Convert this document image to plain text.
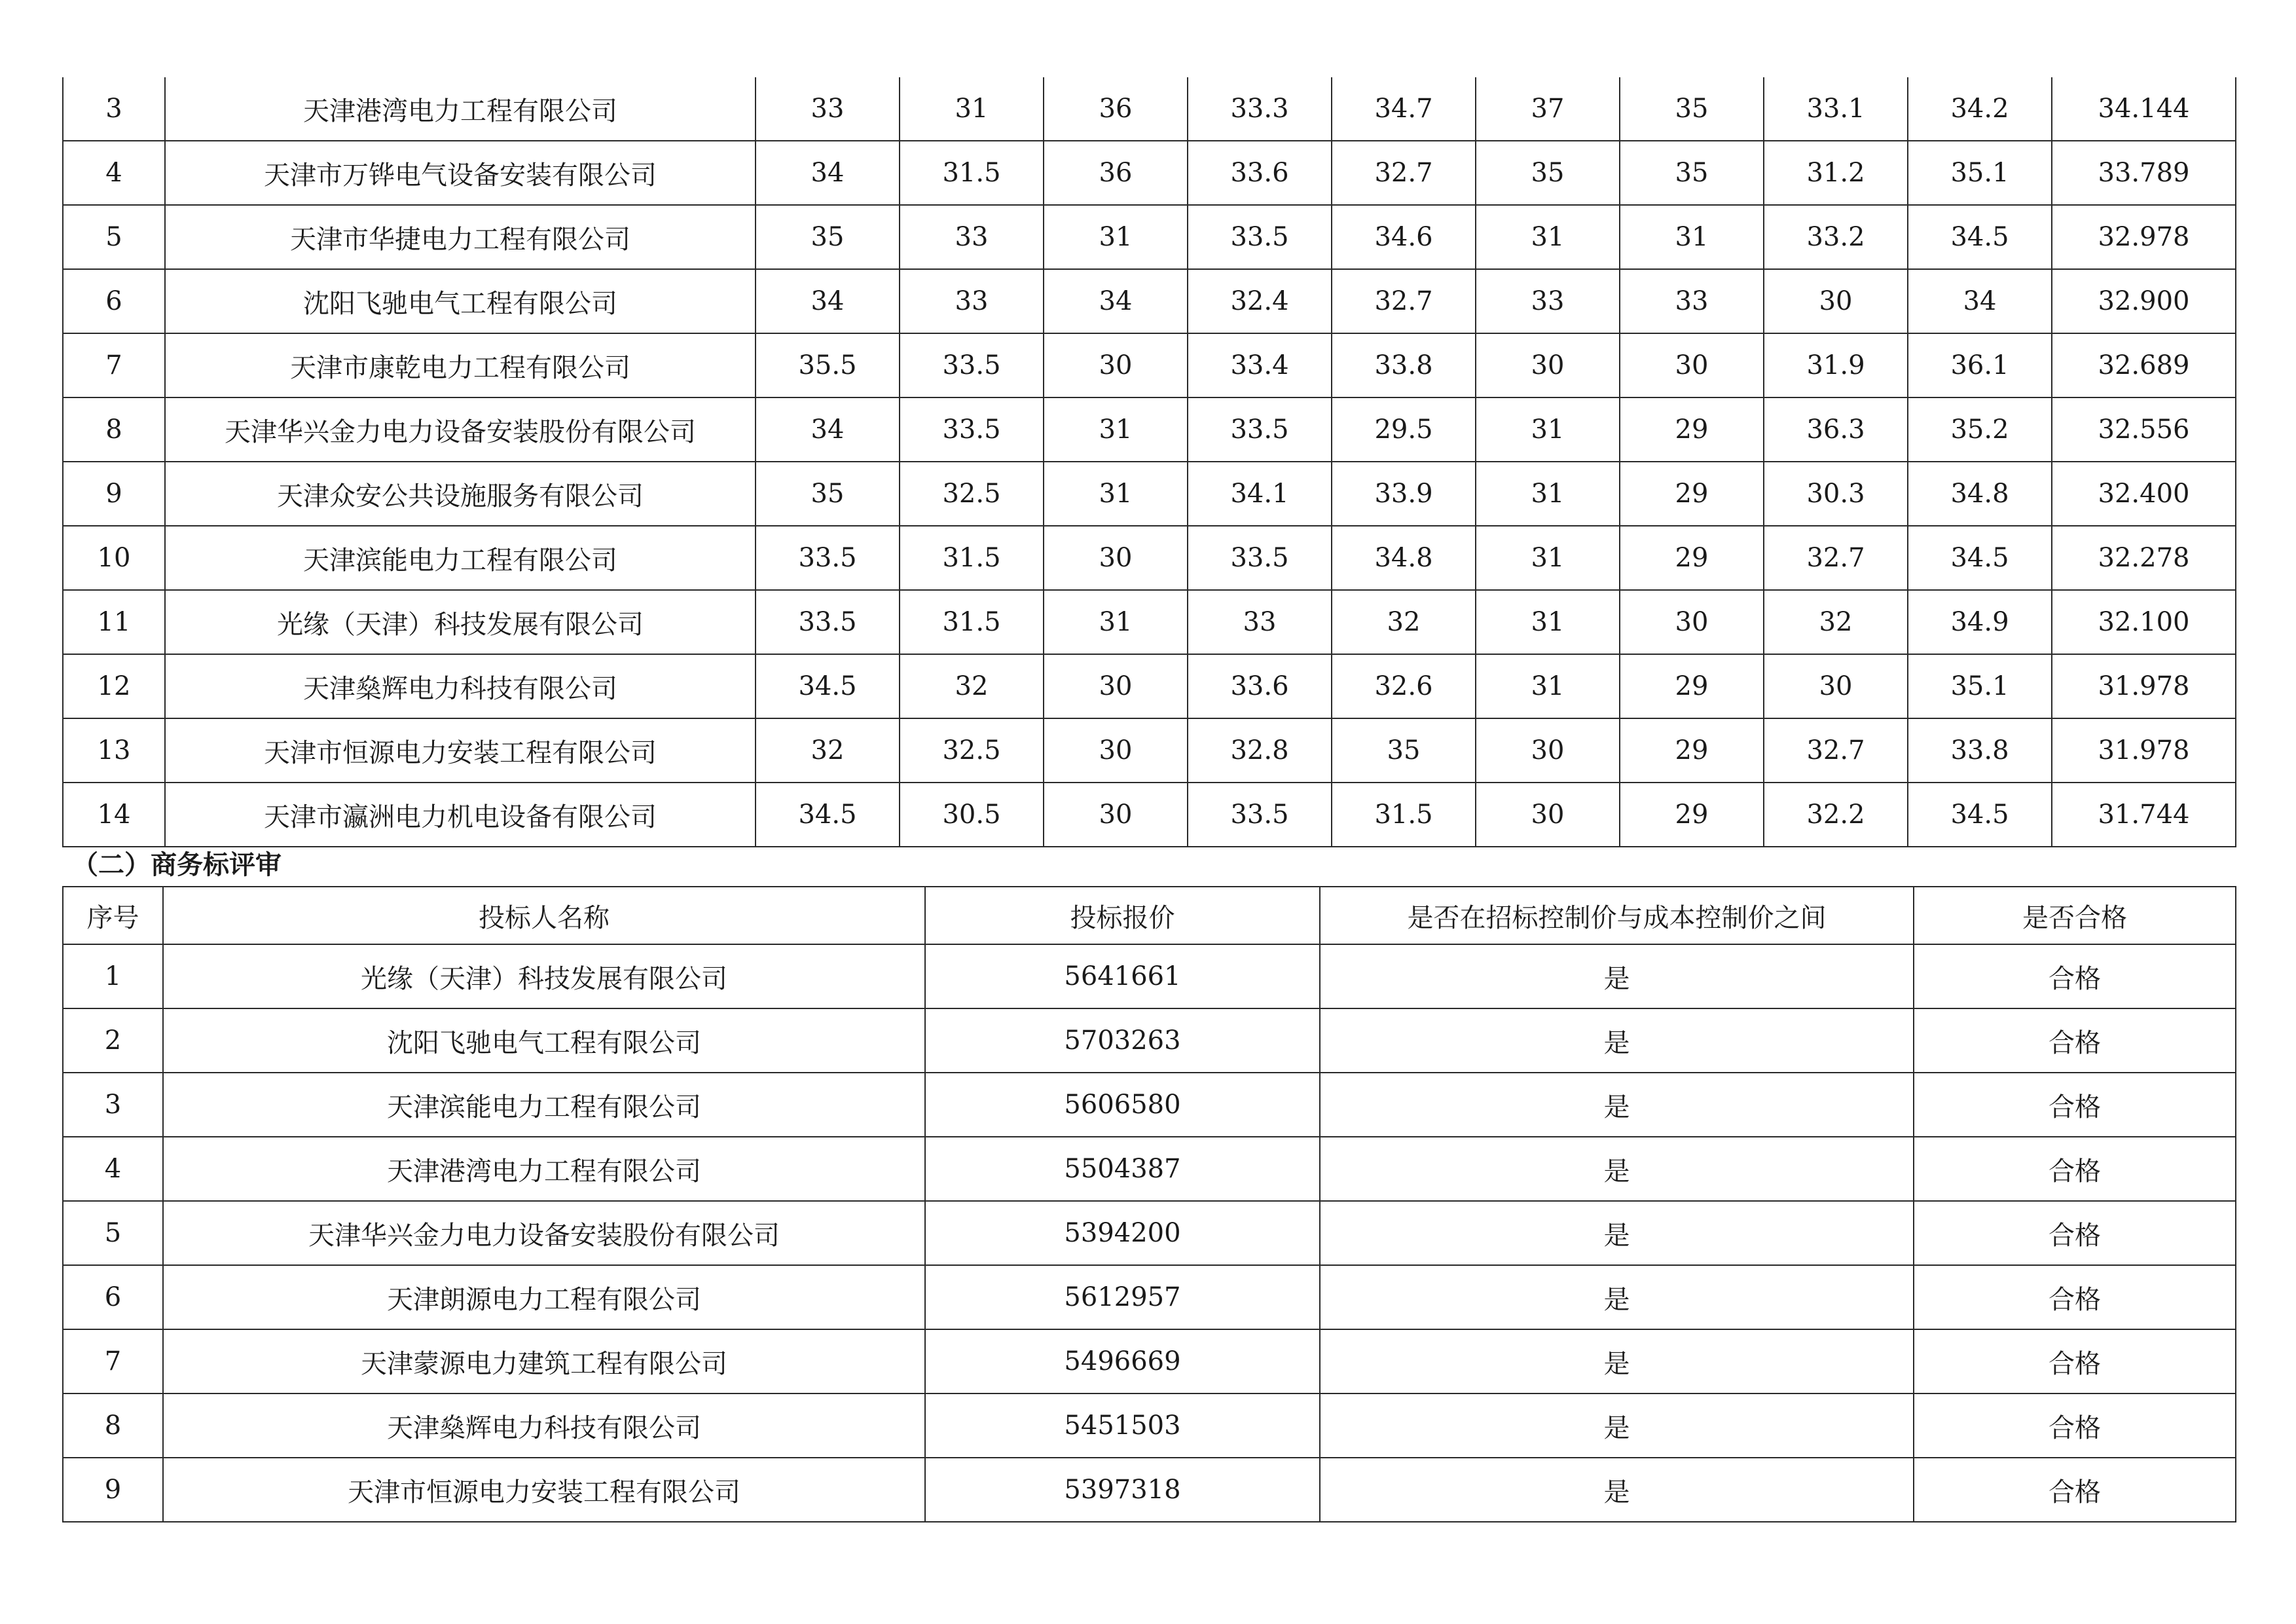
3	天津港湾电力工程有限公司	33	31	36	33.3	34.7	37	35	33.1	34.2	34.144
4	天津市万铧电气设备安装有限公司	34	31.5	36	33.6	32.7	35	35	31.2	35.1	33.789
5	天津市华捷电力工程有限公司	35	33	31	33.5	34.6	31	31	33.2	34.5	32.978
6	沈阳飞驰电气工程有限公司	34	33	34	32.4	32.7	33	33	30	34	32.900
7	天津市康乾电力工程有限公司	35.5	33.5	30	33.4	33.8	30	30	31.9	36.1	32.689
8	天津华兴金力电力设备安装股份有限公司	34	33.5	31	33.5	29.5	31	29	36.3	35.2	32.556
9	天津众安公共设施服务有限公司	35	32.5	31	34.1	33.9	31	29	30.3	34.8	32.400
10	天津滨能电力工程有限公司	33.5	31.5	30	33.5	34.8	31	29	32.7	34.5	32.278
11	光缘（天津）科技发展有限公司	33.5	31.5	31	33	32	31	30	32	34.9	32.100
12	天津燊辉电力科技有限公司	34.5	32	30	33.6	32.6	31	29	30	35.1	31.978
13	天津市恒源电力安装工程有限公司	32	32.5	30	32.8	35	30	29	32.7	33.8	31.978
14	天津市瀛洲电力机电设备有限公司	34.5	30.5	30	33.5	31.5	30	29	32.2	34.5	31.744
（二）商务标评审
序号	投标人名称	投标报价	是否在招标控制价与成本控制价之间	是否合格
1	光缘（天津）科技发展有限公司	5641661	是	合格
2	沈阳飞驰电气工程有限公司	5703263	是	合格
3	天津滨能电力工程有限公司	5606580	是	合格
4	天津港湾电力工程有限公司	5504387	是	合格
5	天津华兴金力电力设备安装股份有限公司	5394200	是	合格
6	天津朗源电力工程有限公司	5612957	是	合格
7	天津蒙源电力建筑工程有限公司	5496669	是	合格
8	天津燊辉电力科技有限公司	5451503	是	合格
9	天津市恒源电力安装工程有限公司	5397318	是	合格
